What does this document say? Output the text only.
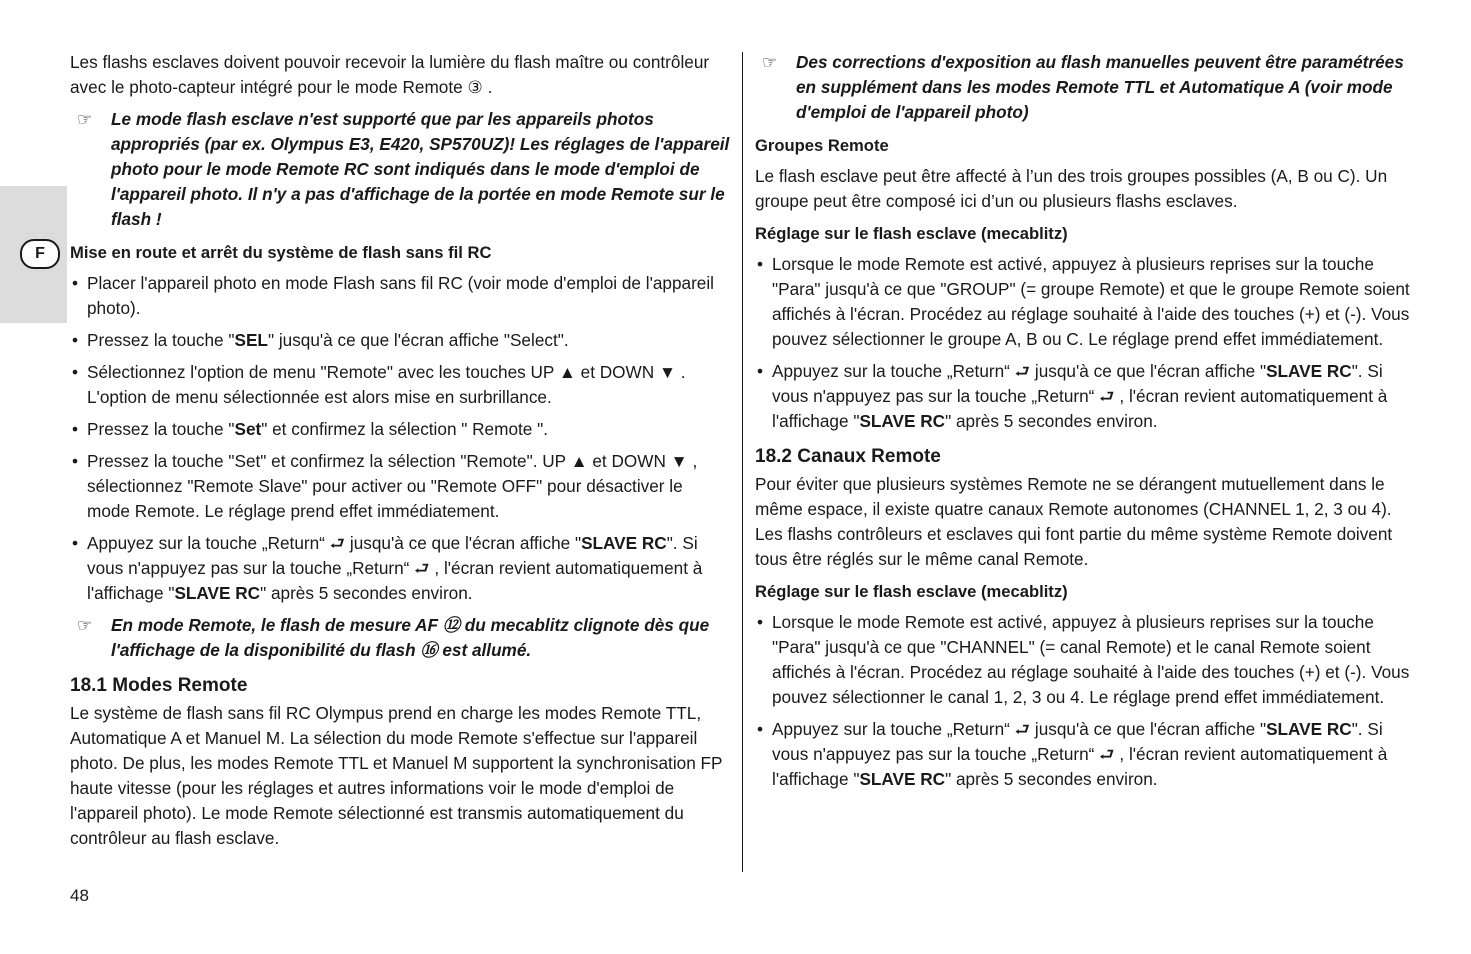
F

Les flashs esclaves doivent pouvoir recevoir la lumière du flash maître ou contrôleur avec le photo-capteur intégré pour le mode Remote ③ .

☞ Le mode flash esclave n'est supporté que par les appareils photos appropriés (par ex. Olympus E3, E420, SP570UZ)! Les réglages de l'appareil photo pour le mode Remote RC sont indiqués dans le mode d'emploi de l'appareil photo. Il n'y a pas d'affichage de la portée en mode Remote sur le flash !
Mise en route et arrêt du système de flash sans fil RC
• Placer l'appareil photo en mode Flash sans fil RC (voir mode d'emploi de l'appareil photo).
• Pressez la touche "SEL" jusqu'à ce que l'écran affiche "Select".
• Sélectionnez l'option de menu "Remote" avec les touches UP ▲ et DOWN ▼ . L'option de menu sélectionnée est alors mise en surbrillance.
• Pressez la touche "Set" et confirmez la sélection " Remote ".
• Pressez la touche "Set" et confirmez la sélection "Remote". UP ▲ et DOWN ▼ , sélectionnez "Remote Slave" pour activer ou "Remote OFF" pour désactiver le mode Remote. Le réglage prend effet immédiatement.
• Appuyez sur la touche „Return“ ⮐ jusqu'à ce que l'écran affiche "SLAVE RC". Si vous n'appuyez pas sur la touche „Return“ ⮐ , l'écran revient automatiquement à l'affichage "SLAVE RC" après 5 secondes environ.
☞ En mode Remote, le flash de mesure AF ⑫ du mecablitz clignote dès que l'affichage de la disponibilité du flash ⑯ est allumé.
18.1 Modes Remote

Le système de flash sans fil RC Olympus prend en charge les modes Remote TTL, Automatique A et Manuel M. La sélection du mode Remote s'effectue sur l'appareil photo. De plus, les modes Remote TTL et Manuel M supportent la synchronisation FP haute vitesse (pour les réglages et autres informations voir le mode d'emploi de l'appareil photo). Le mode Remote sélectionné est transmis automatiquement du contrôleur au flash esclave.

☞ Des corrections d'exposition au flash manuelles peuvent être paramétrées en supplément dans les modes Remote TTL et Automatique A (voir mode d'emploi de l'appareil photo)
Groupes Remote

Le flash esclave peut être affecté à l’un des trois groupes possibles (A, B ou C). Un groupe peut être composé ici d’un ou plusieurs flashs esclaves.

Réglage sur le flash esclave (mecablitz)
• Lorsque le mode Remote est activé, appuyez à plusieurs reprises sur la touche "Para" jusqu'à ce que "GROUP" (= groupe Remote) et que le groupe Remote soient affichés à l'écran. Procédez au réglage souhaité à l'aide des touches (+) et (-). Vous pouvez sélectionner le groupe A, B ou C. Le réglage prend effet immédiatement.
• Appuyez sur la touche „Return“ ⮐ jusqu'à ce que l'écran affiche "SLAVE RC". Si vous n'appuyez pas sur la touche „Return“ ⮐ , l'écran revient automatiquement à l'affichage "SLAVE RC" après 5 secondes environ.
18.2 Canaux Remote

Pour éviter que plusieurs systèmes Remote ne se dérangent mutuellement dans le même espace, il existe quatre canaux Remote autonomes (CHANNEL 1, 2, 3 ou 4). Les flashs contrôleurs et esclaves qui font partie du même système Remote doivent tous être réglés sur le même canal Remote.

Réglage sur le flash esclave (mecablitz)
• Lorsque le mode Remote est activé, appuyez à plusieurs reprises sur la touche "Para" jusqu'à ce que "CHANNEL" (= canal Remote) et le canal Remote soient affichés à l'écran. Procédez au réglage souhaité à l'aide des touches (+) et (-). Vous pouvez sélectionner le canal 1, 2, 3 ou 4. Le réglage prend effet immédiatement.
• Appuyez sur la touche „Return“ ⮐ jusqu'à ce que l'écran affiche "SLAVE RC". Si vous n'appuyez pas sur la touche „Return“ ⮐ , l'écran revient automatiquement à l'affichage "SLAVE RC" après 5 secondes environ.
48
